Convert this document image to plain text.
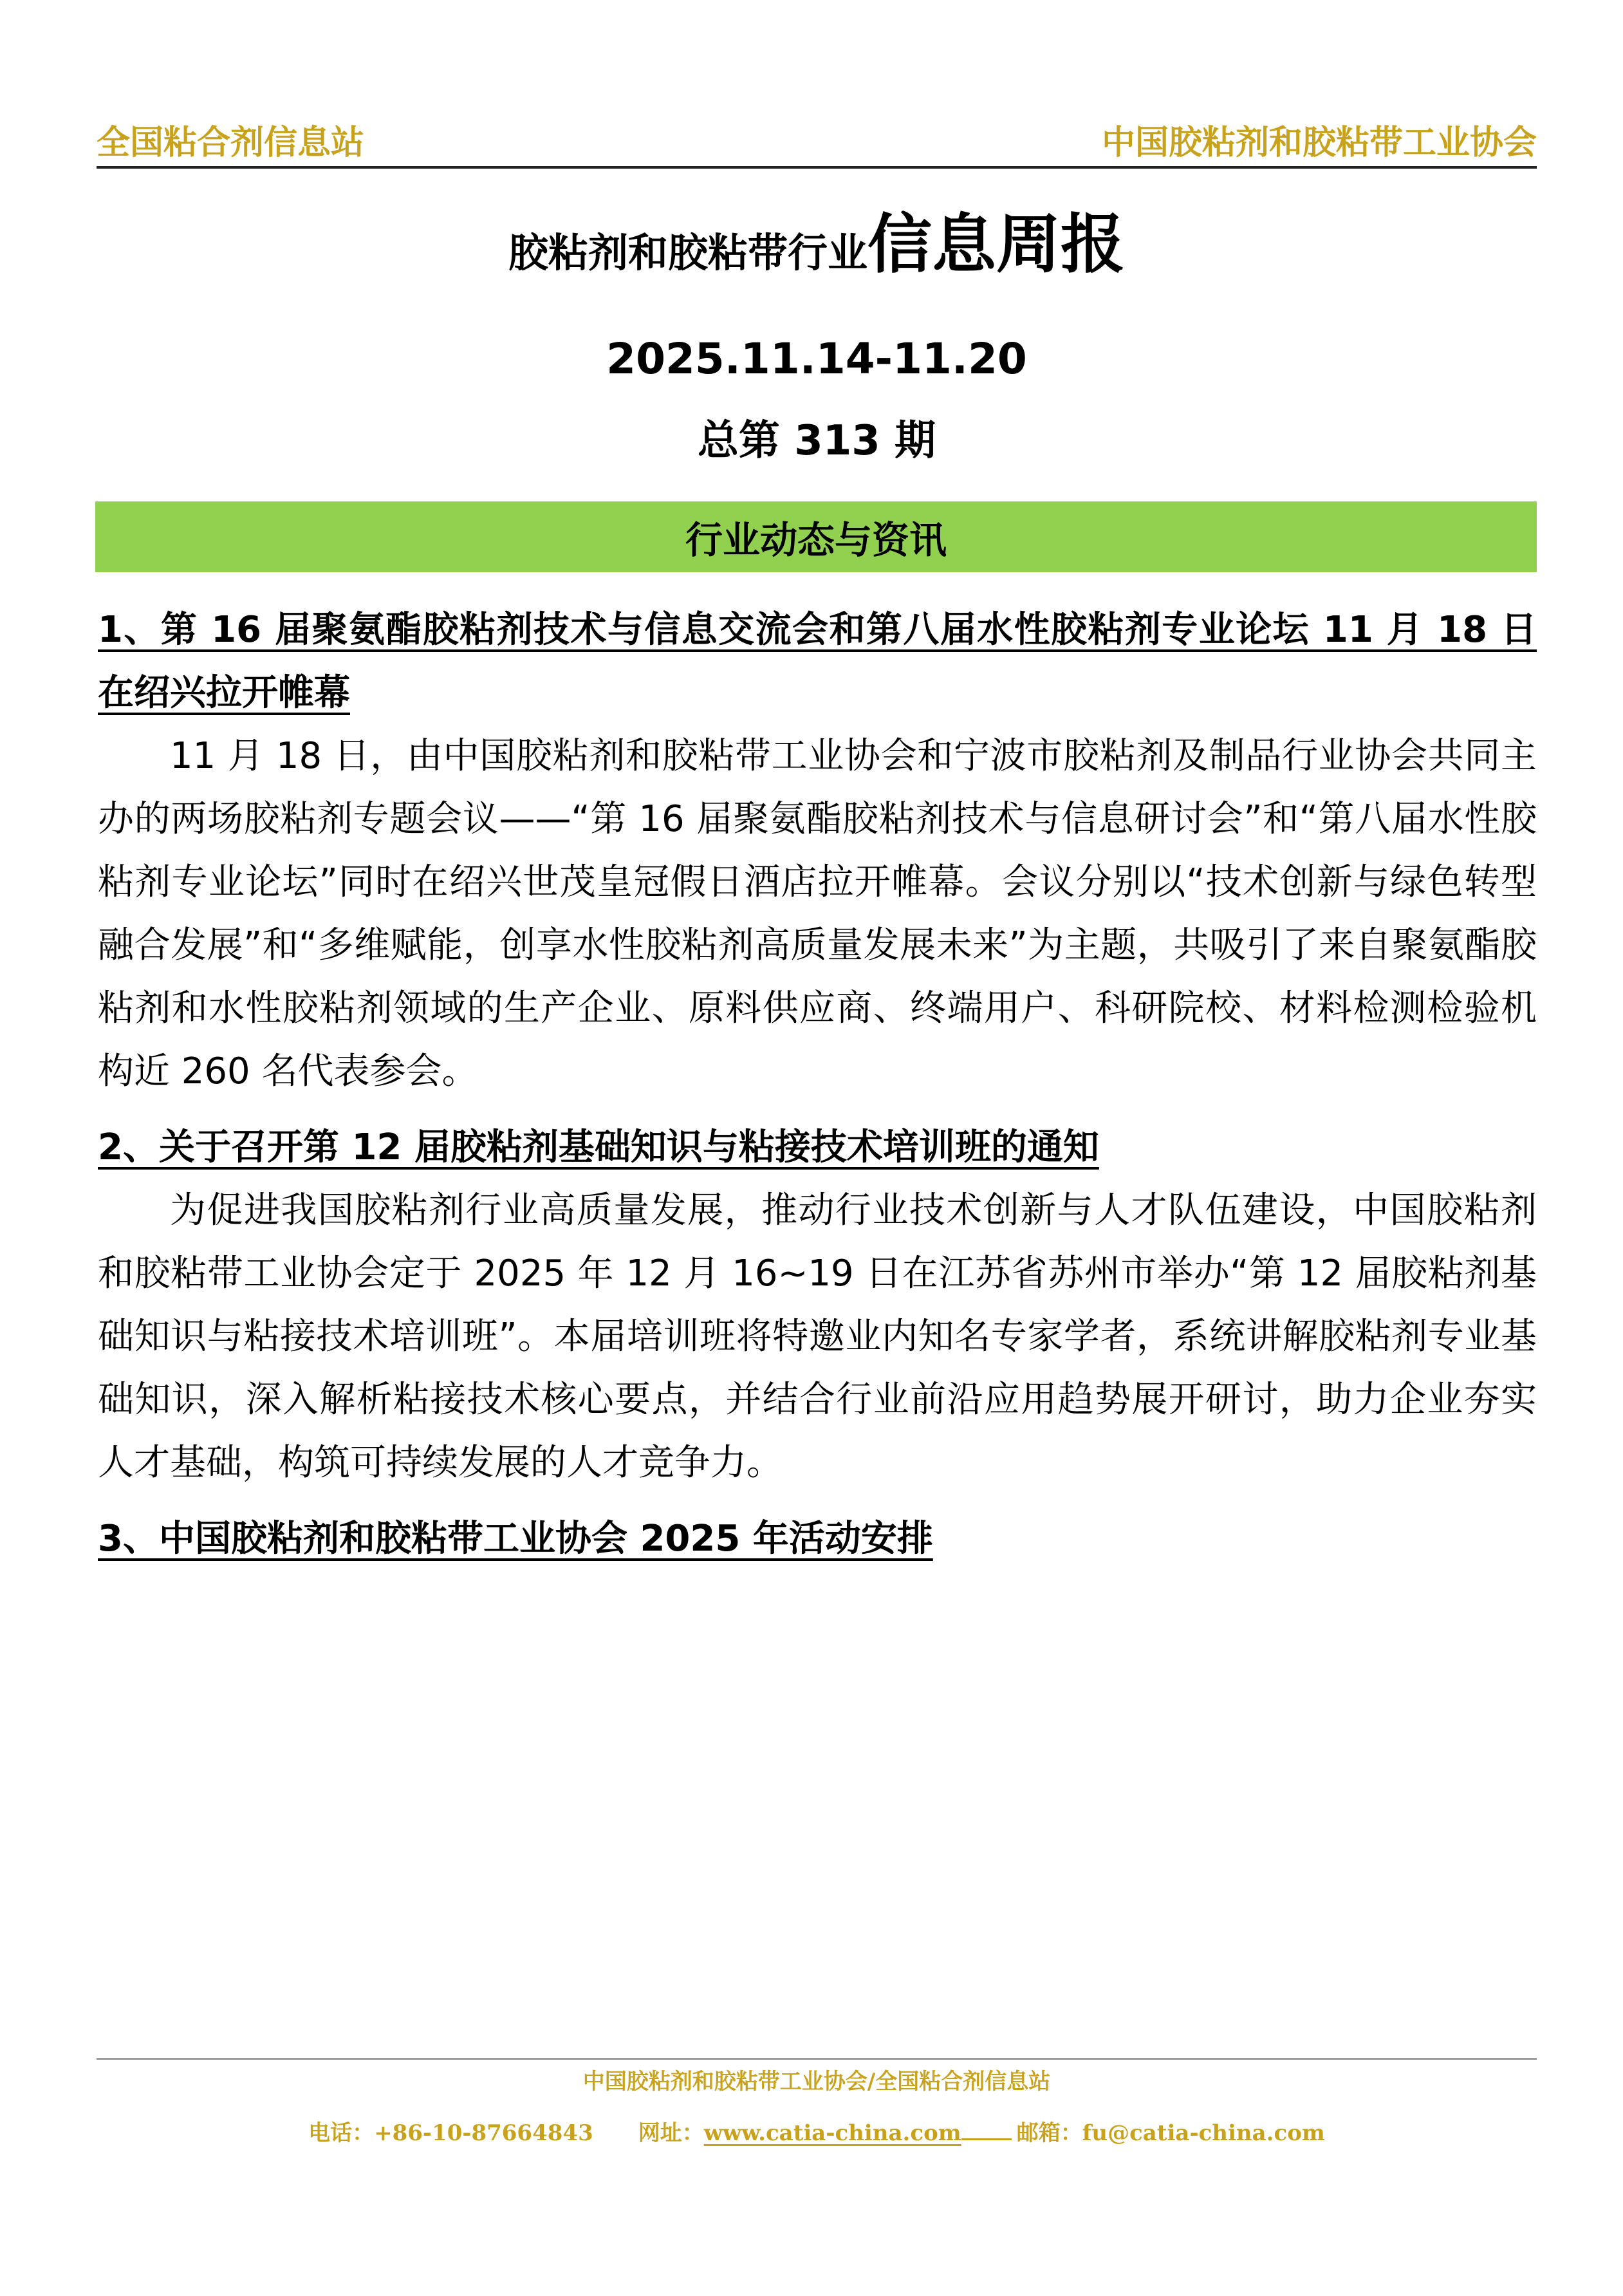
全国粘合剂信息站	中国胶粘剂和胶粘带工业协会
胶粘剂和胶粘带行业信息周报
2025.11.14-11.20
总第 313 期
行业动态与资讯

1、第 16 届聚氨酯胶粘剂技术与信息交流会和第八届水性胶粘剂专业论坛 11 月 18 日在绍兴拉开帷幕

11 月 18 日，由中国胶粘剂和胶粘带工业协会和宁波市胶粘剂及制品行业协会共同主办的两场胶粘剂专题会议——“第 16 届聚氨酯胶粘剂技术与信息研讨会”和“第八届水性胶粘剂专业论坛”同时在绍兴世茂皇冠假日酒店拉开帷幕。会议分别以“技术创新与绿色转型融合发展”和“多维赋能，创享水性胶粘剂高质量发展未来”为主题，共吸引了来自聚氨酯胶粘剂和水性胶粘剂领域的生产企业、原料供应商、终端用户、科研院校、材料检测检验机构近 260 名代表参会。

2、关于召开第 12 届胶粘剂基础知识与粘接技术培训班的通知

为促进我国胶粘剂行业高质量发展，推动行业技术创新与人才队伍建设，中国胶粘剂和胶粘带工业协会定于 2025 年 12 月 16~19 日在江苏省苏州市举办“第 12 届胶粘剂基础知识与粘接技术培训班”。本届培训班将特邀业内知名专家学者，系统讲解胶粘剂专业基础知识，深入解析粘接技术核心要点，并结合行业前沿应用趋势展开研讨，助力企业夯实人才基础，构筑可持续发展的人才竞争力。

3、中国胶粘剂和胶粘带工业协会 2025 年活动安排

中国胶粘剂和胶粘带工业协会/全国粘合剂信息站
电话：+86-10-87664843 网址：www.catia-china.com	邮箱：fu@catia-china.com
